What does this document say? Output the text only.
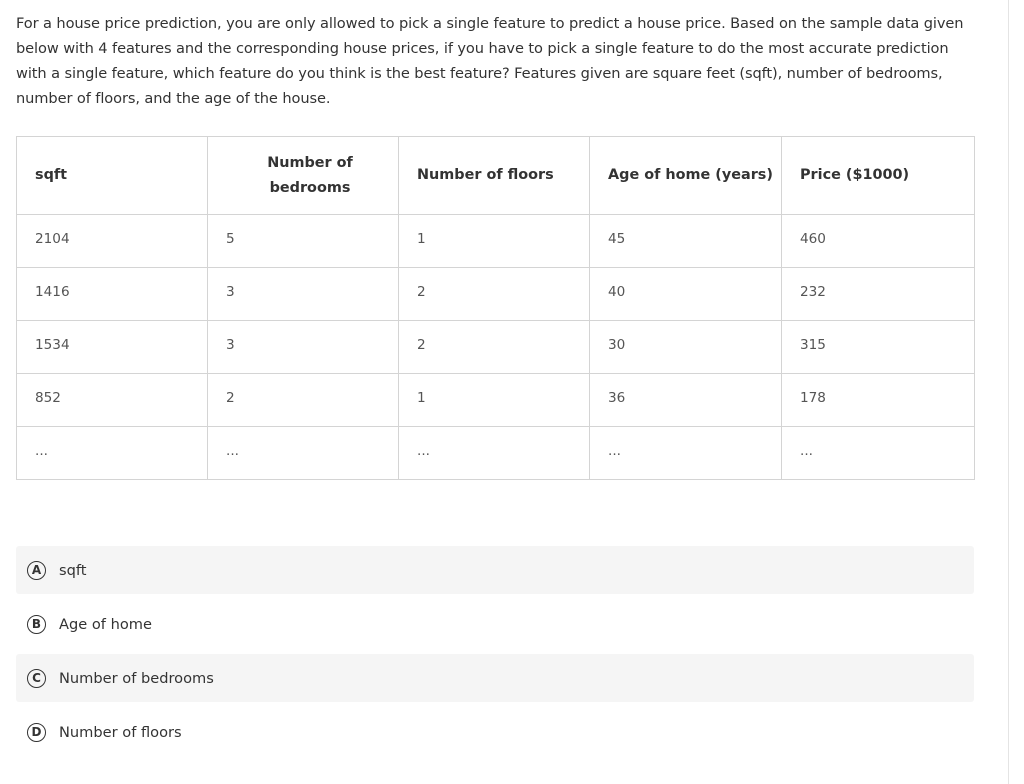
For a house price prediction, you are only allowed to pick a single feature to predict a house price. Based on the sample data given below with 4 features and the corresponding house prices, if you have to pick a single feature to do the most accurate prediction with a single feature, which feature do you think is the best feature? Features given are square feet (sqft), number of bedrooms, number of floors, and the age of the house.

sqft	Number of bedrooms	Number of floors	Age of home (years)	Price ($1000)
2104	5	1	45	460
1416	3	2	40	232
1534	3	2	30	315
852	2	1	36	178
...	...	...	...	...
A	sqft
B	Age of home
C	Number of bedrooms
D	Number of floors
